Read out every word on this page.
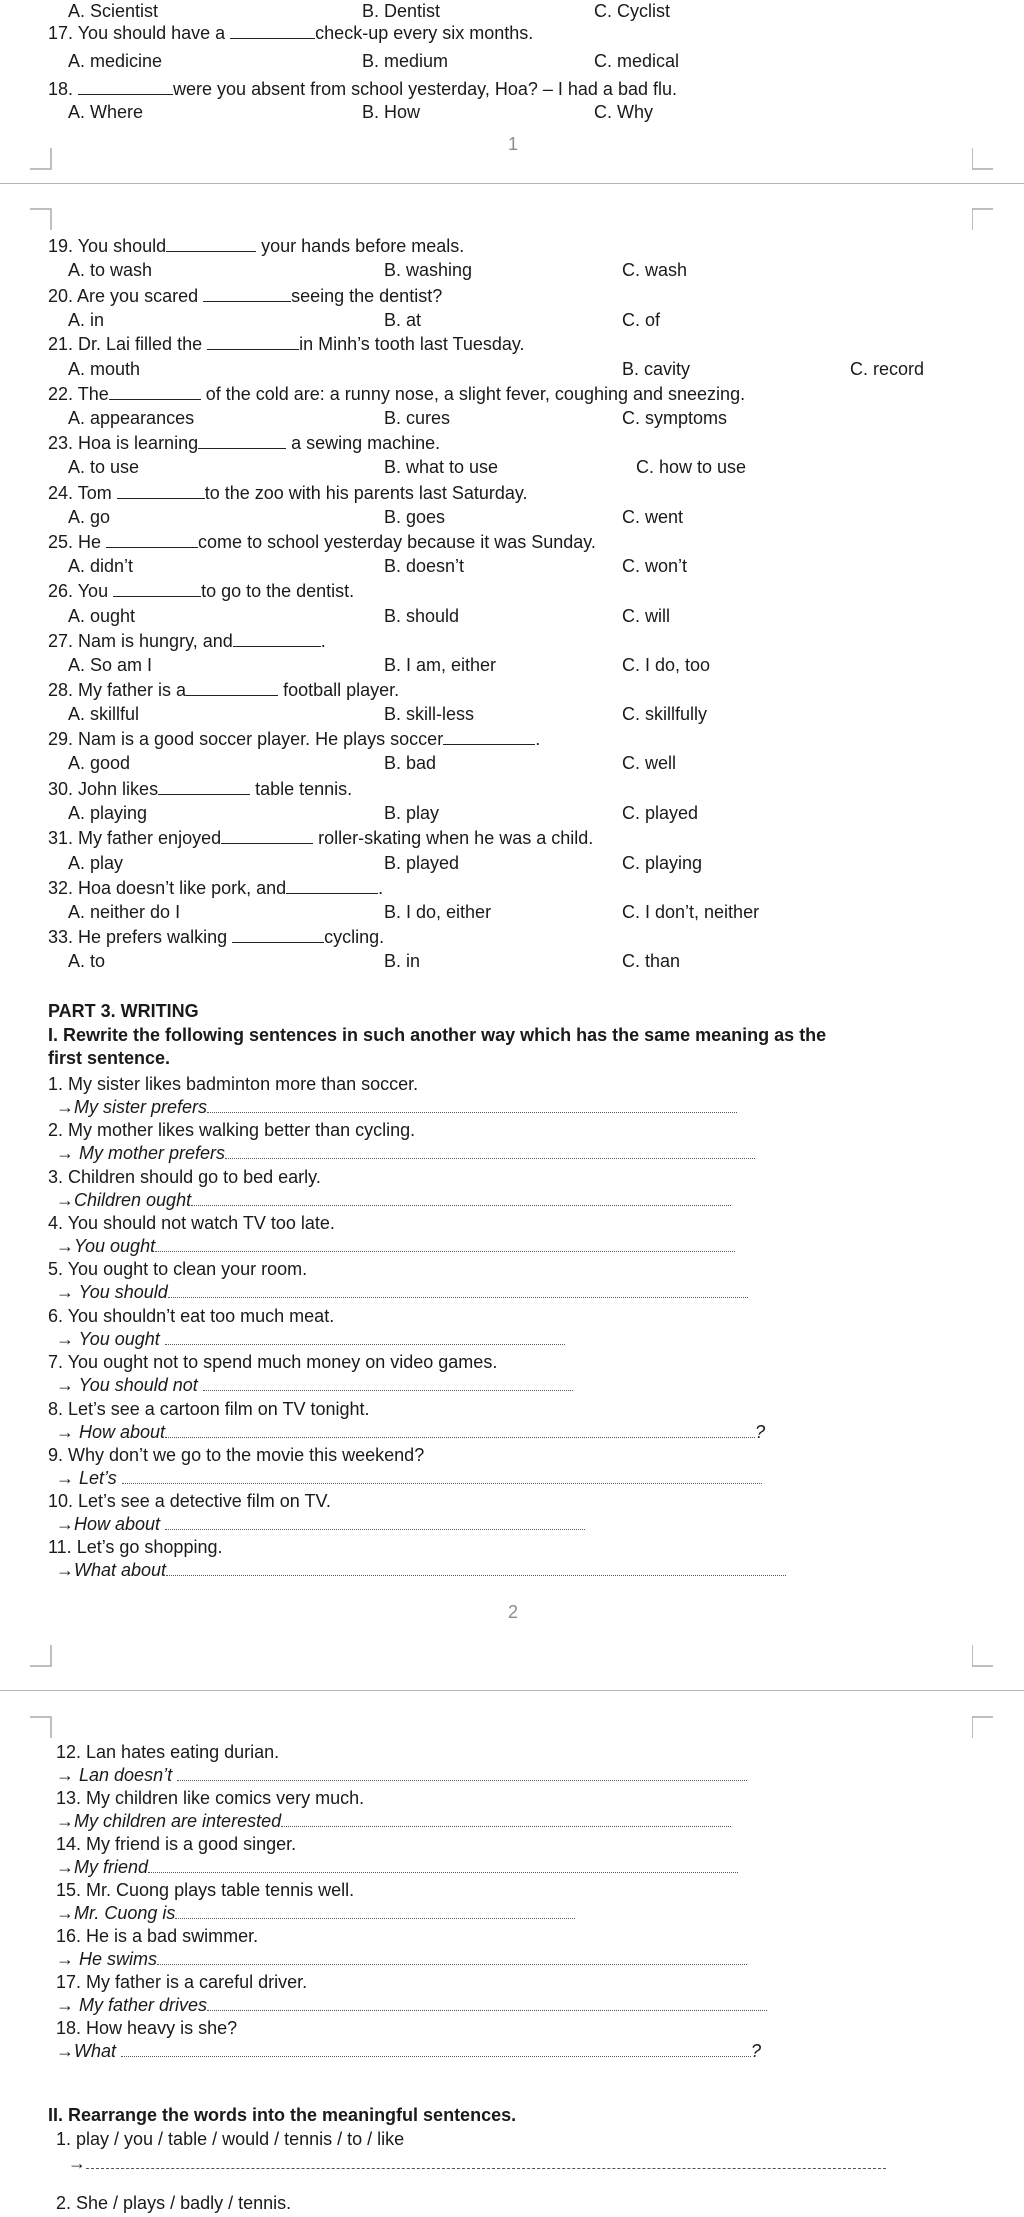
A. Scientist	B. Dentist	C. Cyclist
17. You should have a	check-up every six months.
A. medicine	B. medium	C. medical
18.	were you absent from school yesterday, Hoa? – I had a bad flu.
A. Where	B. How	C. Why
1
19. You should	your hands before meals.
A. to wash	B. washing	C. wash
20. Are you scared	seeing the dentist?
A. in	B. at	C. of
21. Dr. Lai filled the	in Minh’s tooth last Tuesday.
A. mouth	B. cavity	C. record
22. The	of the cold are: a runny nose, a slight fever, coughing and sneezing.
A. appearances	B. cures	C. symptoms
23. Hoa is learning	a sewing machine.
A. to use	B. what to use	C. how to use
24. Tom	to the zoo with his parents last Saturday.
A. go	B. goes	C. went
25. He	come to school yesterday because it was Sunday.
A. didn’t	B. doesn’t	C. won’t
26. You	to go to the dentist.
A. ought	B. should	C. will
27. Nam is hungry, and	.
A. So am I	B. I am, either	C. I do, too
28. My father is a	football player.
A. skillful	B. skill-less	C. skillfully
29. Nam is a good soccer player. He plays soccer	.
A. good	B. bad	C. well
30. John likes	table tennis.
A. playing	B. play	C. played
31. My father enjoyed	roller-skating when he was a child.
A. play	B. played	C. playing
32. Hoa doesn’t like pork, and	.
A. neither do I	B. I do, either	C. I don’t, neither
33. He prefers walking	cycling.
A. to	B. in	C. than
PART 3. WRITING
I. Rewrite the following sentences in such another way which has the same meaning as the
first sentence.
1. My sister likes badminton more than soccer.
→My sister prefers
2. My mother likes walking better than cycling.
→ My mother prefers
3. Children should go to bed early.
→Children ought
4. You should not watch TV too late.
→You ought
5. You ought to clean your room.
→ You should
6. You shouldn’t eat too much meat.
→ You ought
7. You ought not to spend much money on video games.
→ You should not
8. Let’s see a cartoon film on TV tonight.
→ How about	?
9. Why don’t we go to the movie this weekend?
→ Let’s
10. Let’s see a detective film on TV.
→How about
11. Let’s go shopping.
→What about
2
12. Lan hates eating durian.
→ Lan doesn’t
13. My children like comics very much.
→My children are interested
14. My friend is a good singer.
→My friend
15. Mr. Cuong plays table tennis well.
→Mr. Cuong is
16. He is a bad swimmer.
→ He swims
17. My father is a careful driver.
→ My father drives
18. How heavy is she?
→What	?
II. Rearrange the words into the meaningful sentences.
1. play / you / table / would / tennis / to / like
→
2. She / plays / badly / tennis.
